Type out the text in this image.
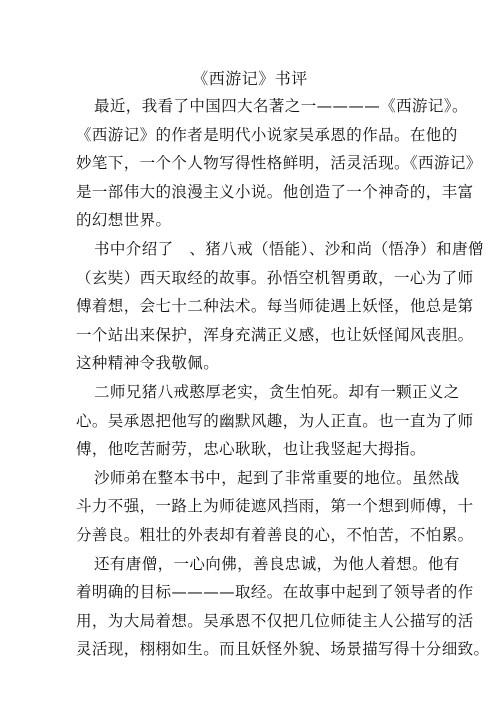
《西游记》书评
最近，我看了中国四大名著之一————《西游记》。
《西游记》的作者是明代小说家吴承恩的作品。在他的
妙笔下，一个个人物写得性格鲜明，活灵活现。《西游记》
是一部伟大的浪漫主义小说。他创造了一个神奇的，丰富
的幻想世界。
书中介绍了　、猪八戒（悟能）、沙和尚（悟净）和唐僧
（玄奘）西天取经的故事。孙悟空机智勇敢，一心为了师
傅着想，会七十二种法术。每当师徒遇上妖怪，他总是第
一个站出来保护，浑身充满正义感，也让妖怪闻风丧胆。
这种精神令我敬佩。
二师兄猪八戒憨厚老实，贪生怕死。却有一颗正义之
心。吴承恩把他写的幽默风趣，为人正直。也一直为了师
傅，他吃苦耐劳，忠心耿耿，也让我竖起大拇指。
沙师弟在整本书中，起到了非常重要的地位。虽然战
斗力不强，一路上为师徒遮风挡雨，第一个想到师傅，十
分善良。粗壮的外表却有着善良的心，不怕苦，不怕累。
还有唐僧，一心向佛，善良忠诚，为他人着想。他有
着明确的目标————取经。在故事中起到了领导者的作
用，为大局着想。吴承恩不仅把几位师徒主人公描写的活
灵活现，栩栩如生。而且妖怪外貌、场景描写得十分细致。
